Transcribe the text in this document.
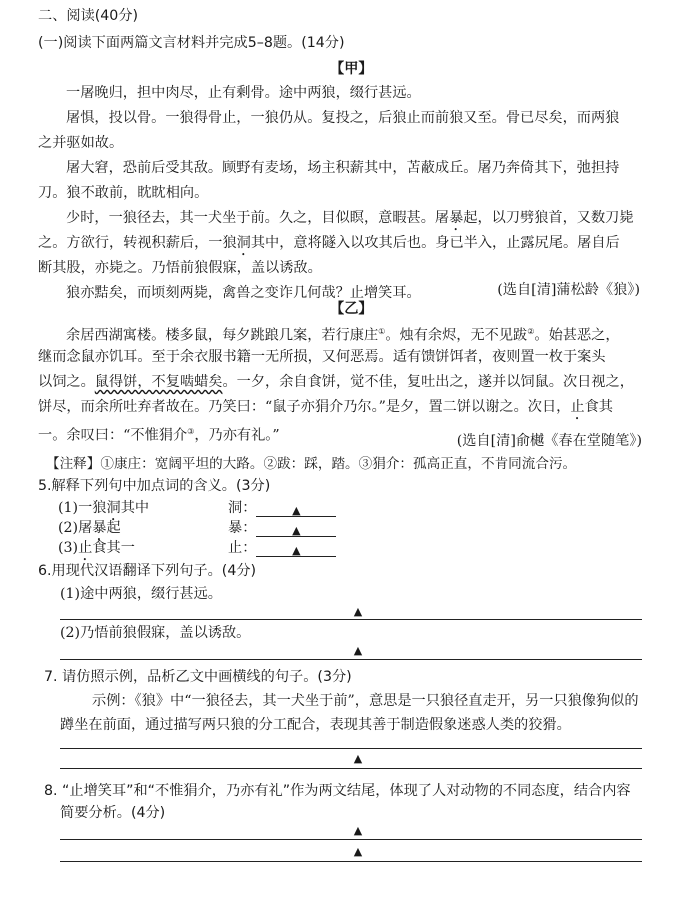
二、阅读(40分)
(一)阅读下面两篇文言材料并完成5–8题。(14分)
【甲】
一屠晚归，担中肉尽，止有剩骨。途中两狼，缀行甚远。
屠惧，投以骨。一狼得骨止，一狼仍从。复投之，后狼止而前狼又至。骨已尽矣，而两狼
之并驱如故。
屠大窘，恐前后受其敌。顾野有麦场，场主积薪其中，苫蔽成丘。屠乃奔倚其下，弛担持
刀。狼不敢前，眈眈相向。
少时，一狼径去，其一犬坐于前。久之，目似瞑，意暇甚。屠暴起，以刀劈狼首，又数刀毙
之。方欲行，转视积薪后，一狼洞其中，意将隧入以攻其后也。身已半入，止露尻尾。屠自后
断其股，亦毙之。乃悟前狼假寐，盖以诱敌。
狼亦黠矣，而顷刻两毙，禽兽之变诈几何哉？止增笑耳。	(选自[清]蒲松龄《狼》)
【乙】
余居西湖寓楼。楼多鼠，每夕跳踉几案，若行康庄①。烛有余烬，无不见跋②。始甚恶之，
继而念鼠亦饥耳。至于余衣服书籍一无所损，又何恶焉。适有馈饼饵者，夜则置一枚于案头
以饲之。鼠得饼，不复啮蜡矣。一夕，余自食饼，觉不佳，复吐出之，遂并以饲鼠。次日视之，
饼尽，而余所吐弃者故在。乃笑曰：“鼠子亦狷介乃尔。”是夕，置二饼以谢之。次日，止食其
一。余叹曰：“不惟狷介③，乃亦有礼。”	(选自[清]俞樾《春在堂随笔》)
【注释】①康庄：宽阔平坦的大路。②跋：踩，踏。③狷介：孤高正直，不肯同流合污。
5.解释下列句中加点词的含义。(3分)
(1)一狼洞其中	洞：	▲
(2)屠暴起	暴：	▲
(3)止食其一	止：	▲
6.用现代汉语翻译下列句子。(4分)
(1)途中两狼，缀行甚远。
▲
(2)乃悟前狼假寐，盖以诱敌。
▲
7. 请仿照示例，品析乙文中画横线的句子。(3分)
示例：《狼》中“一狼径去，其一犬坐于前”，意思是一只狼径直走开，另一只狼像狗似的
蹲坐在前面，通过描写两只狼的分工配合，表现其善于制造假象迷惑人类的狡猾。
▲
8. “止增笑耳”和“不惟狷介，乃亦有礼”作为两文结尾，体现了人对动物的不同态度，结合内容
简要分析。(4分)
▲
▲
